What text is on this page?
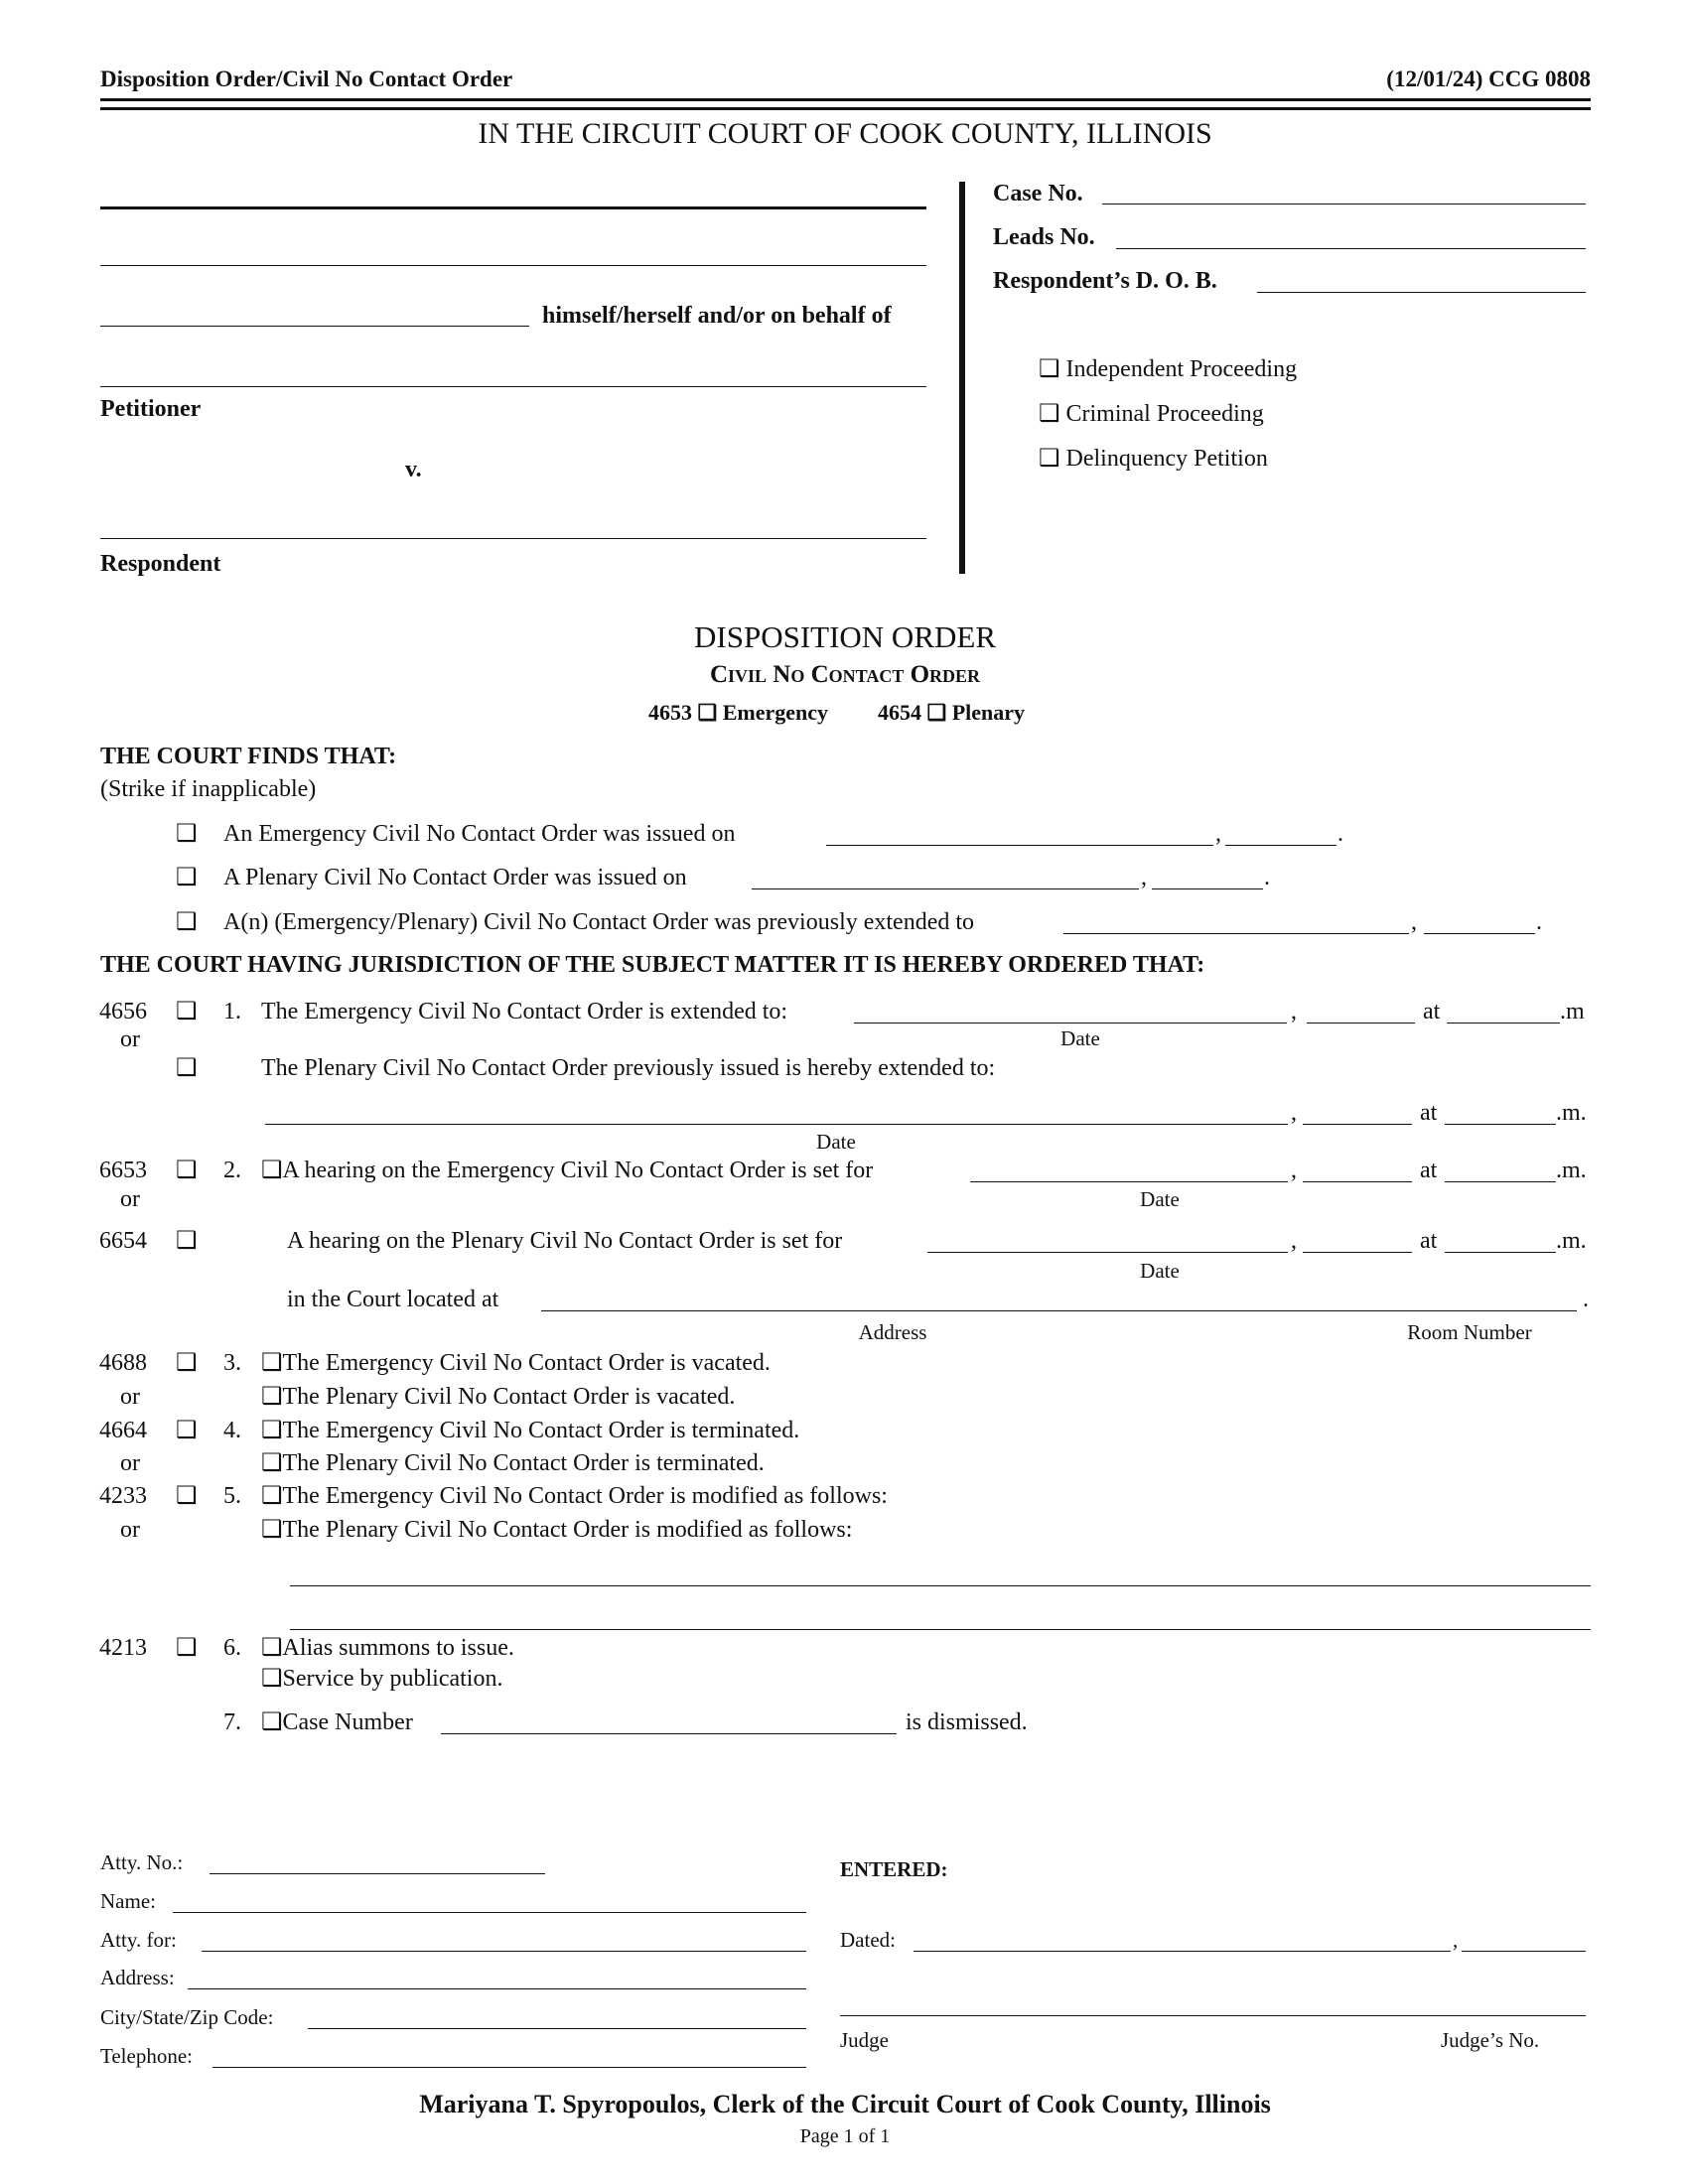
Disposition Order/Civil No Contact Order	(12/01/24) CCG 0808
IN THE CIRCUIT COURT OF COOK COUNTY, ILLINOIS
himself/herself and/or on behalf of
Petitioner
v.
Respondent
Case No.
Leads No.
Respondent’s D. O. B.
❑ Independent Proceeding
❑ Criminal Proceeding
❑ Delinquency Petition
DISPOSITION ORDER
Civil No Contact Order
4653 ❑ Emergency 4654 ❑ Plenary
THE COURT FINDS THAT:
(Strike if inapplicable)
❑ An Emergency Civil No Contact Order was issued on	,	.
❑ A Plenary Civil No Contact Order was issued on	,	.
❑ A(n) (Emergency/Plenary) Civil No Contact Order was previously extended to	,	.
THE COURT HAVING JURISDICTION OF THE SUBJECT MATTER IT IS HEREBY ORDERED THAT:
4656 ❑ 1. The Emergency Civil No Contact Order is extended to:	,	at	.m
Date
or
❑	The Plenary Civil No Contact Order previously issued is hereby extended to:
,	at	.m.
Date
6653 ❑ 2. ❑A hearing on the Emergency Civil No Contact Order is set for	,	at	.m.
Date
or
6654 ❑	A hearing on the Plenary Civil No Contact Order is set for	,	at	.m.
Date
in the Court located at	.
Address	Room Number
4688 ❑ 3. ❑The Emergency Civil No Contact Order is vacated.
or	❑The Plenary Civil No Contact Order is vacated.
4664 ❑ 4. ❑The Emergency Civil No Contact Order is terminated.
or	❑The Plenary Civil No Contact Order is terminated.
4233 ❑ 5. ❑The Emergency Civil No Contact Order is modified as follows:
or	❑The Plenary Civil No Contact Order is modified as follows:
4213 ❑ 6. ❑Alias summons to issue.
❑Service by publication.
7. ❑Case Number	is dismissed.
Atty. No.:
Name:
Atty. for:
Address:
City/State/Zip Code:
Telephone:
ENTERED:
Dated:	,
Judge	Judge’s No.
Mariyana T. Spyropoulos, Clerk of the Circuit Court of Cook County, Illinois
Page 1 of 1
